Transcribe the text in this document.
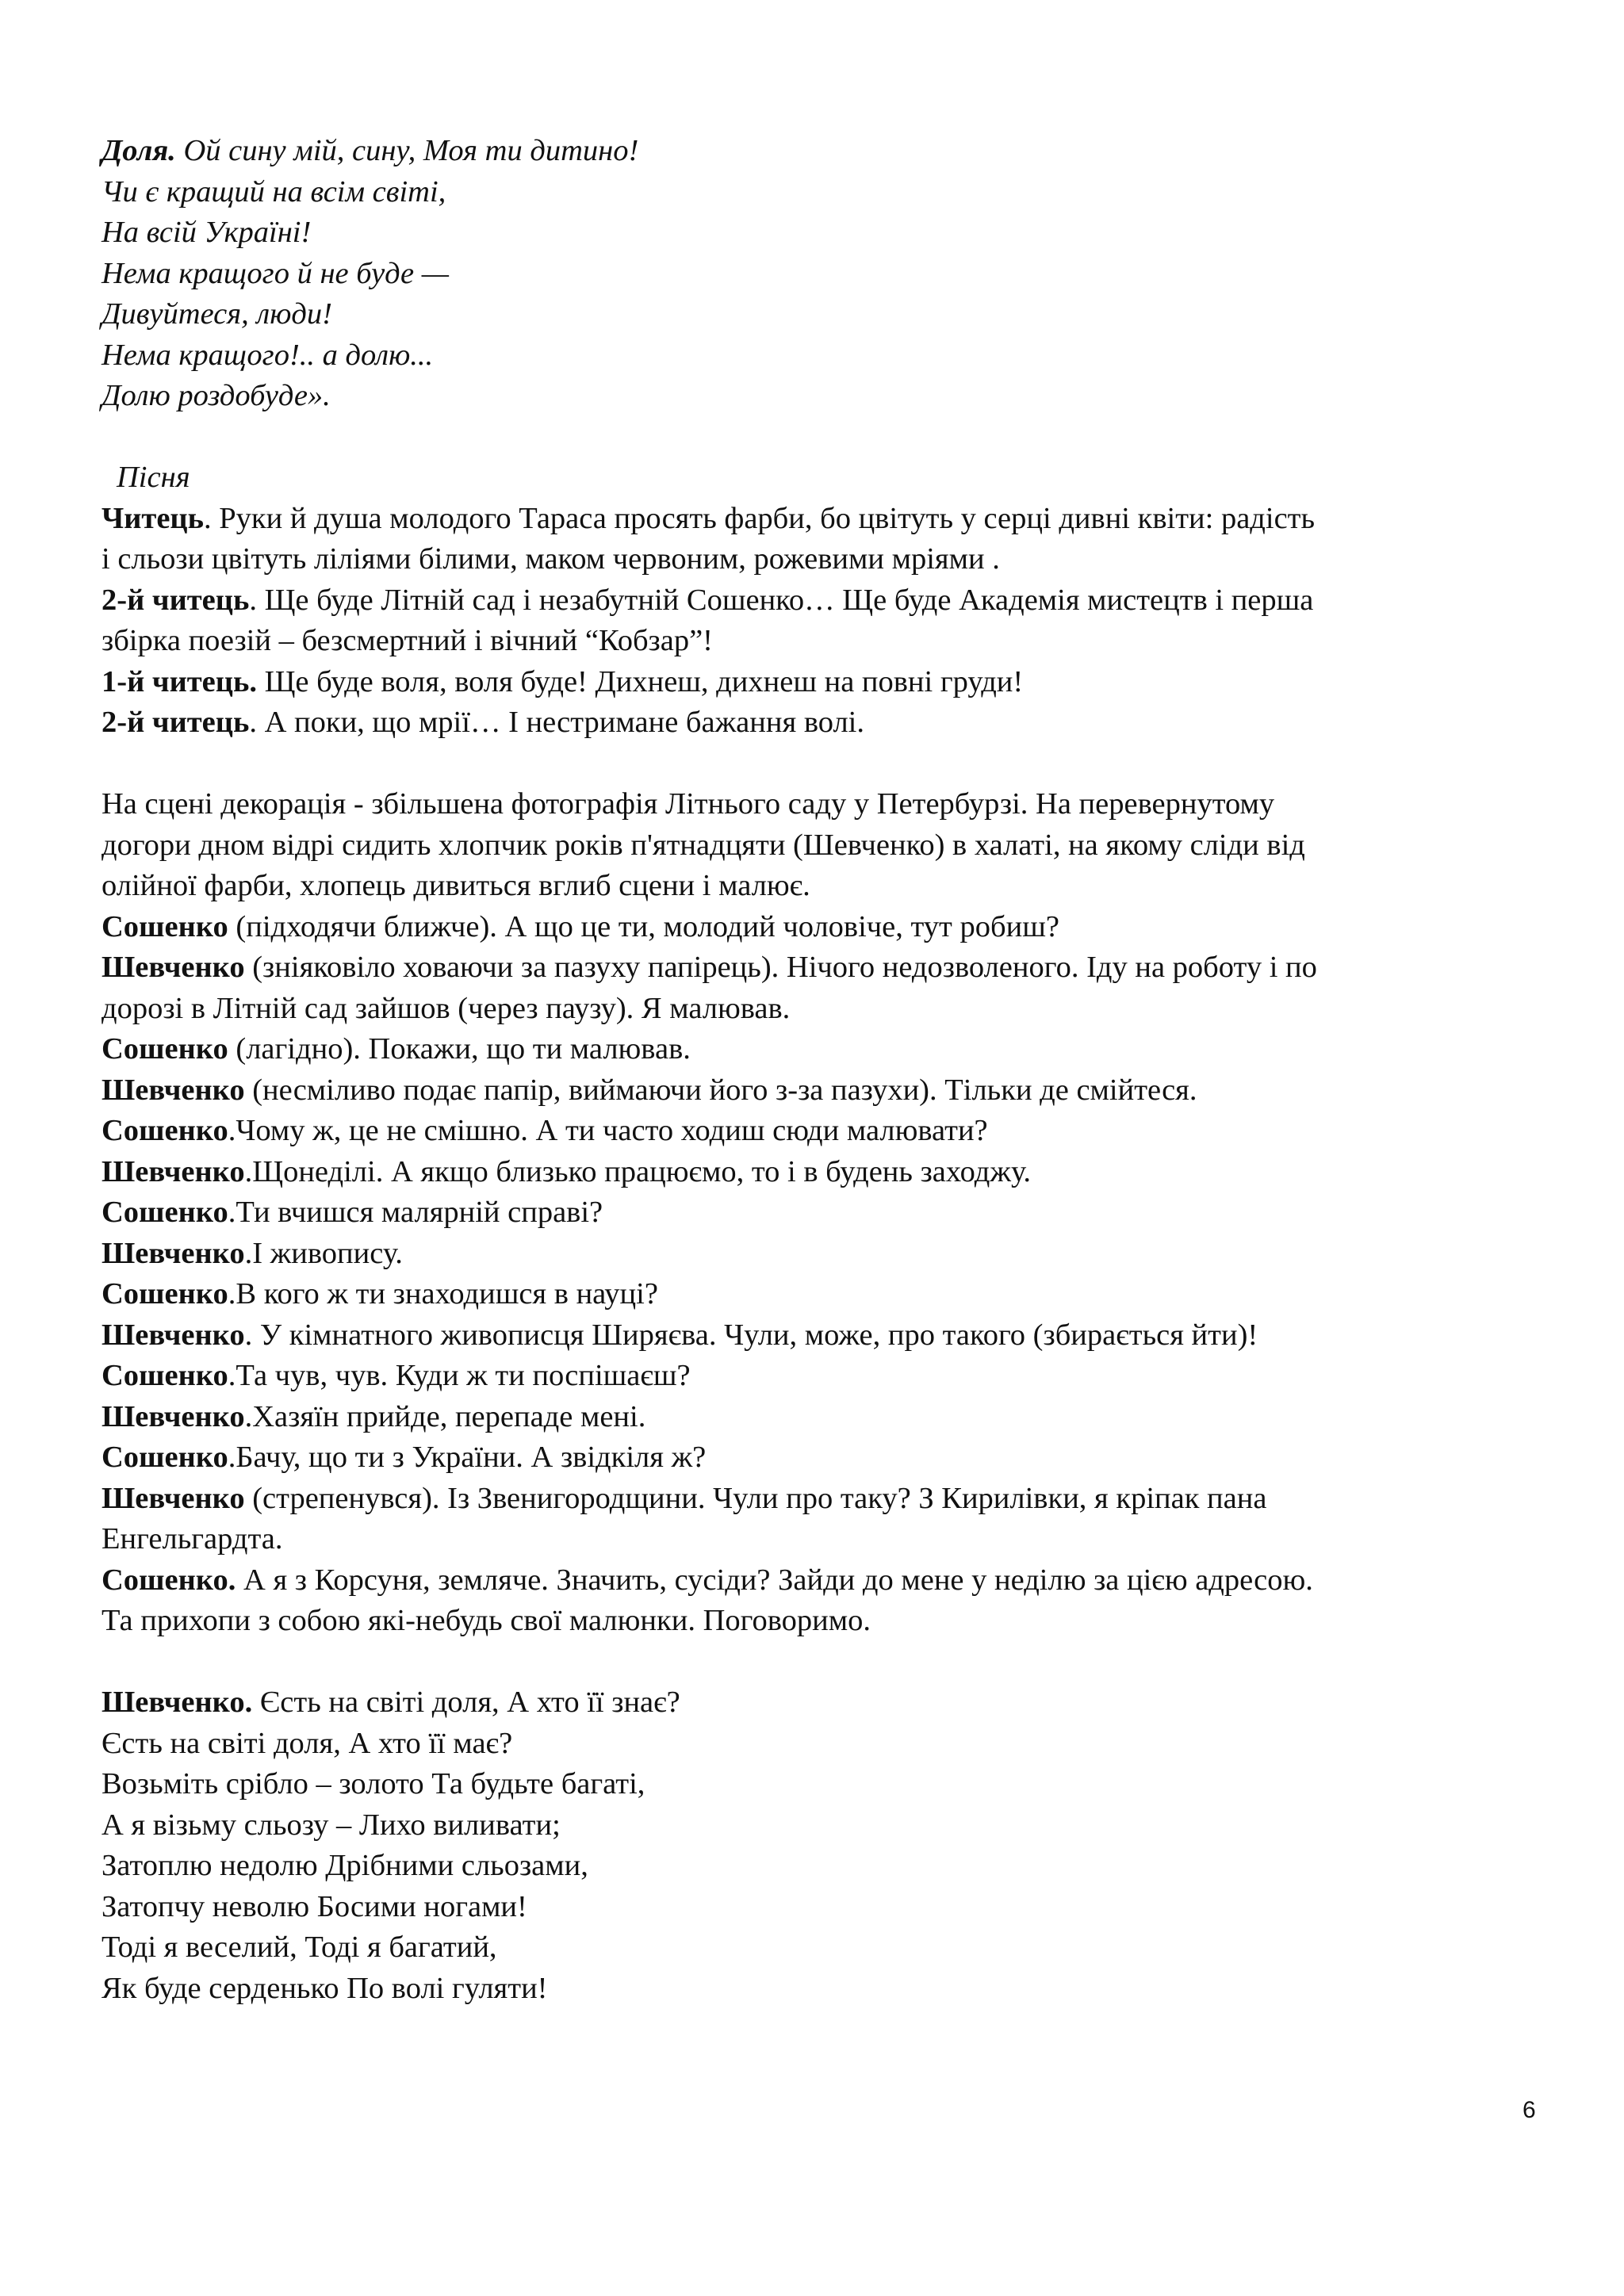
Доля. Ой сину мій, сину, Моя ти дитино!
Чи є кращий на всім світі,
На всій Україні!
Нема кращого й не буде —
Дивуйтеся, люди!
Нема кращого!.. а долю...
Долю роздобуде».
Пісня
Читець. Руки й душа молодого Тараса просять фарби, бо цвітуть у серці дивні квіти: радість
і сльози цвітуть ліліями білими, маком червоним, рожевими мріями .
2-й читець. Ще буде Літній сад і незабутній Сошенко… Ще буде Академія мистецтв і перша
збірка поезій – безсмертний і вічний “Кобзар”!
1-й читець. Ще буде воля, воля буде! Дихнеш, дихнеш на повні груди!
2-й читець. А поки, що мрії… І нестримане бажання волі.
На сцені декорація - збільшена фотографія Літнього саду у Петербурзі. На перевернутому
догори дном відрі сидить хлопчик років п'ятнадцяти (Шевченко) в халаті, на якому сліди від
олійної фарби, хлопець дивиться вглиб сцени і малює.
Сошенко (підходячи ближче). А що це ти, молодий чоловіче, тут робиш?
Шевченко (зніяковіло ховаючи за пазуху папірець). Нічого недозволеного. Іду на роботу і по
дорозі в Літній сад зайшов (через паузу). Я малював.
Сошенко (лагідно). Покажи, що ти малював.
Шевченко (несміливо подає папір, виймаючи його з-за пазухи). Тільки де смійтеся.
Сошенко.Чому ж, це не смішно. А ти часто ходиш сюди малювати?
Шевченко.Щонеділі. А якщо близько працюємо, то і в будень заходжу.
Сошенко.Ти вчишся малярній справі?
Шевченко.І живопису.
Сошенко.В кого ж ти знаходишся в науці?
Шевченко. У кімнатного живописця Ширяєва. Чули, може, про такого (збирається йти)!
Сошенко.Та чув, чув. Куди ж ти поспішаєш?
Шевченко.Хазяїн прийде, перепаде мені.
Сошенко.Бачу, що ти з України. А звідкіля ж?
Шевченко (стрепенувся). Із Звенигородщини. Чули про таку? З Кирилівки, я кріпак пана
Енгельгардта.
Сошенко. А я з Корсуня, земляче. Значить, сусіди? Зайди до мене у неділю за цією адресою.
Та прихопи з собою які-небудь свої малюнки. Поговоримо.
Шевченко. Єсть на світі доля, А хто її знає?
Єсть на світі доля, А хто її має?
Возьміть срібло – золото Та будьте багаті,
А я візьму сльозу – Лихо виливати;
Затоплю недолю Дрібними сльозами,
Затопчу неволю Босими ногами!
Тоді я веселий, Тоді я багатий,
Як буде серденько По волі гуляти!
6
